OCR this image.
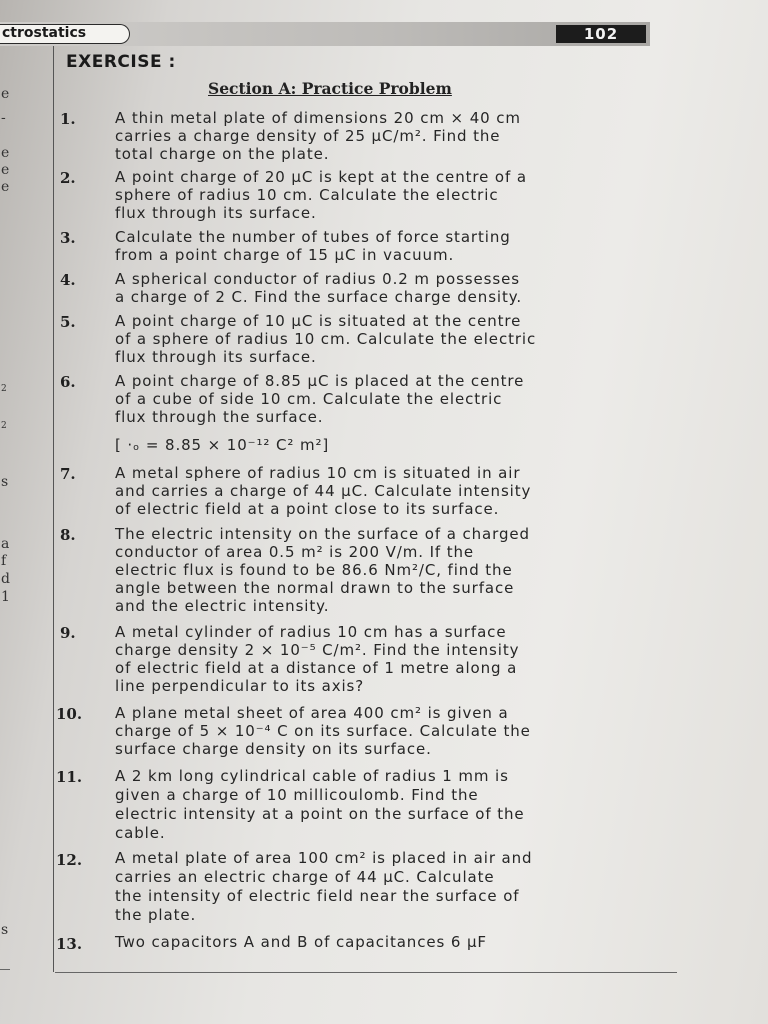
ctrostatics	102
EXERCISE :
Section A: Practice Problem
e
-
e
e
e
2
2
s
a
f
d
1
s
1.	A thin metal plate of dimensions 20 cm × 40 cm
carries a charge density of 25 μC/m². Find the
total charge on the plate.
2.	A point charge of 20 μC is kept at the centre of a
sphere of radius 10 cm. Calculate the electric
flux through its surface.
3.	Calculate the number of tubes of force starting
from a point charge of 15 μC in vacuum.
4.	A spherical conductor of radius 0.2 m possesses
a charge of 2 C. Find the surface charge density.
5.	A point charge of 10 μC is situated at the centre
of a sphere of radius 10 cm. Calculate the electric
flux through its surface.
6.	A point charge of 8.85 μC is placed at the centre
of a cube of side 10 cm. Calculate the electric
flux through the surface.
[ ·ₒ = 8.85 × 10⁻¹² C² m²]
7.	A metal sphere of radius 10 cm is situated in air
and carries a charge of 44 μC. Calculate intensity
of electric field at a point close to its surface.
8.	The electric intensity on the surface of a charged
conductor of area 0.5 m² is 200 V/m. If the
electric flux is found to be 86.6 Nm²/C, find the
angle between the normal drawn to the surface
and the electric intensity.
9.	A metal cylinder of radius 10 cm has a surface
charge density 2 × 10⁻⁵ C/m². Find the intensity
of electric field at a distance of 1 metre along a
line perpendicular to its axis?
10. A plane metal sheet of area 400 cm² is given a
charge of 5 × 10⁻⁴ C on its surface. Calculate the
surface charge density on its surface.
11. A 2 km long cylindrical cable of radius 1 mm is
given a charge of 10 millicoulomb. Find the
electric intensity at a point on the surface of the
cable.
12. A metal plate of area 100 cm² is placed in air and
carries an electric charge of 44 μC. Calculate
the intensity of electric field near the surface of
the plate.
13. Two capacitors A and B of capacitances 6 μF
